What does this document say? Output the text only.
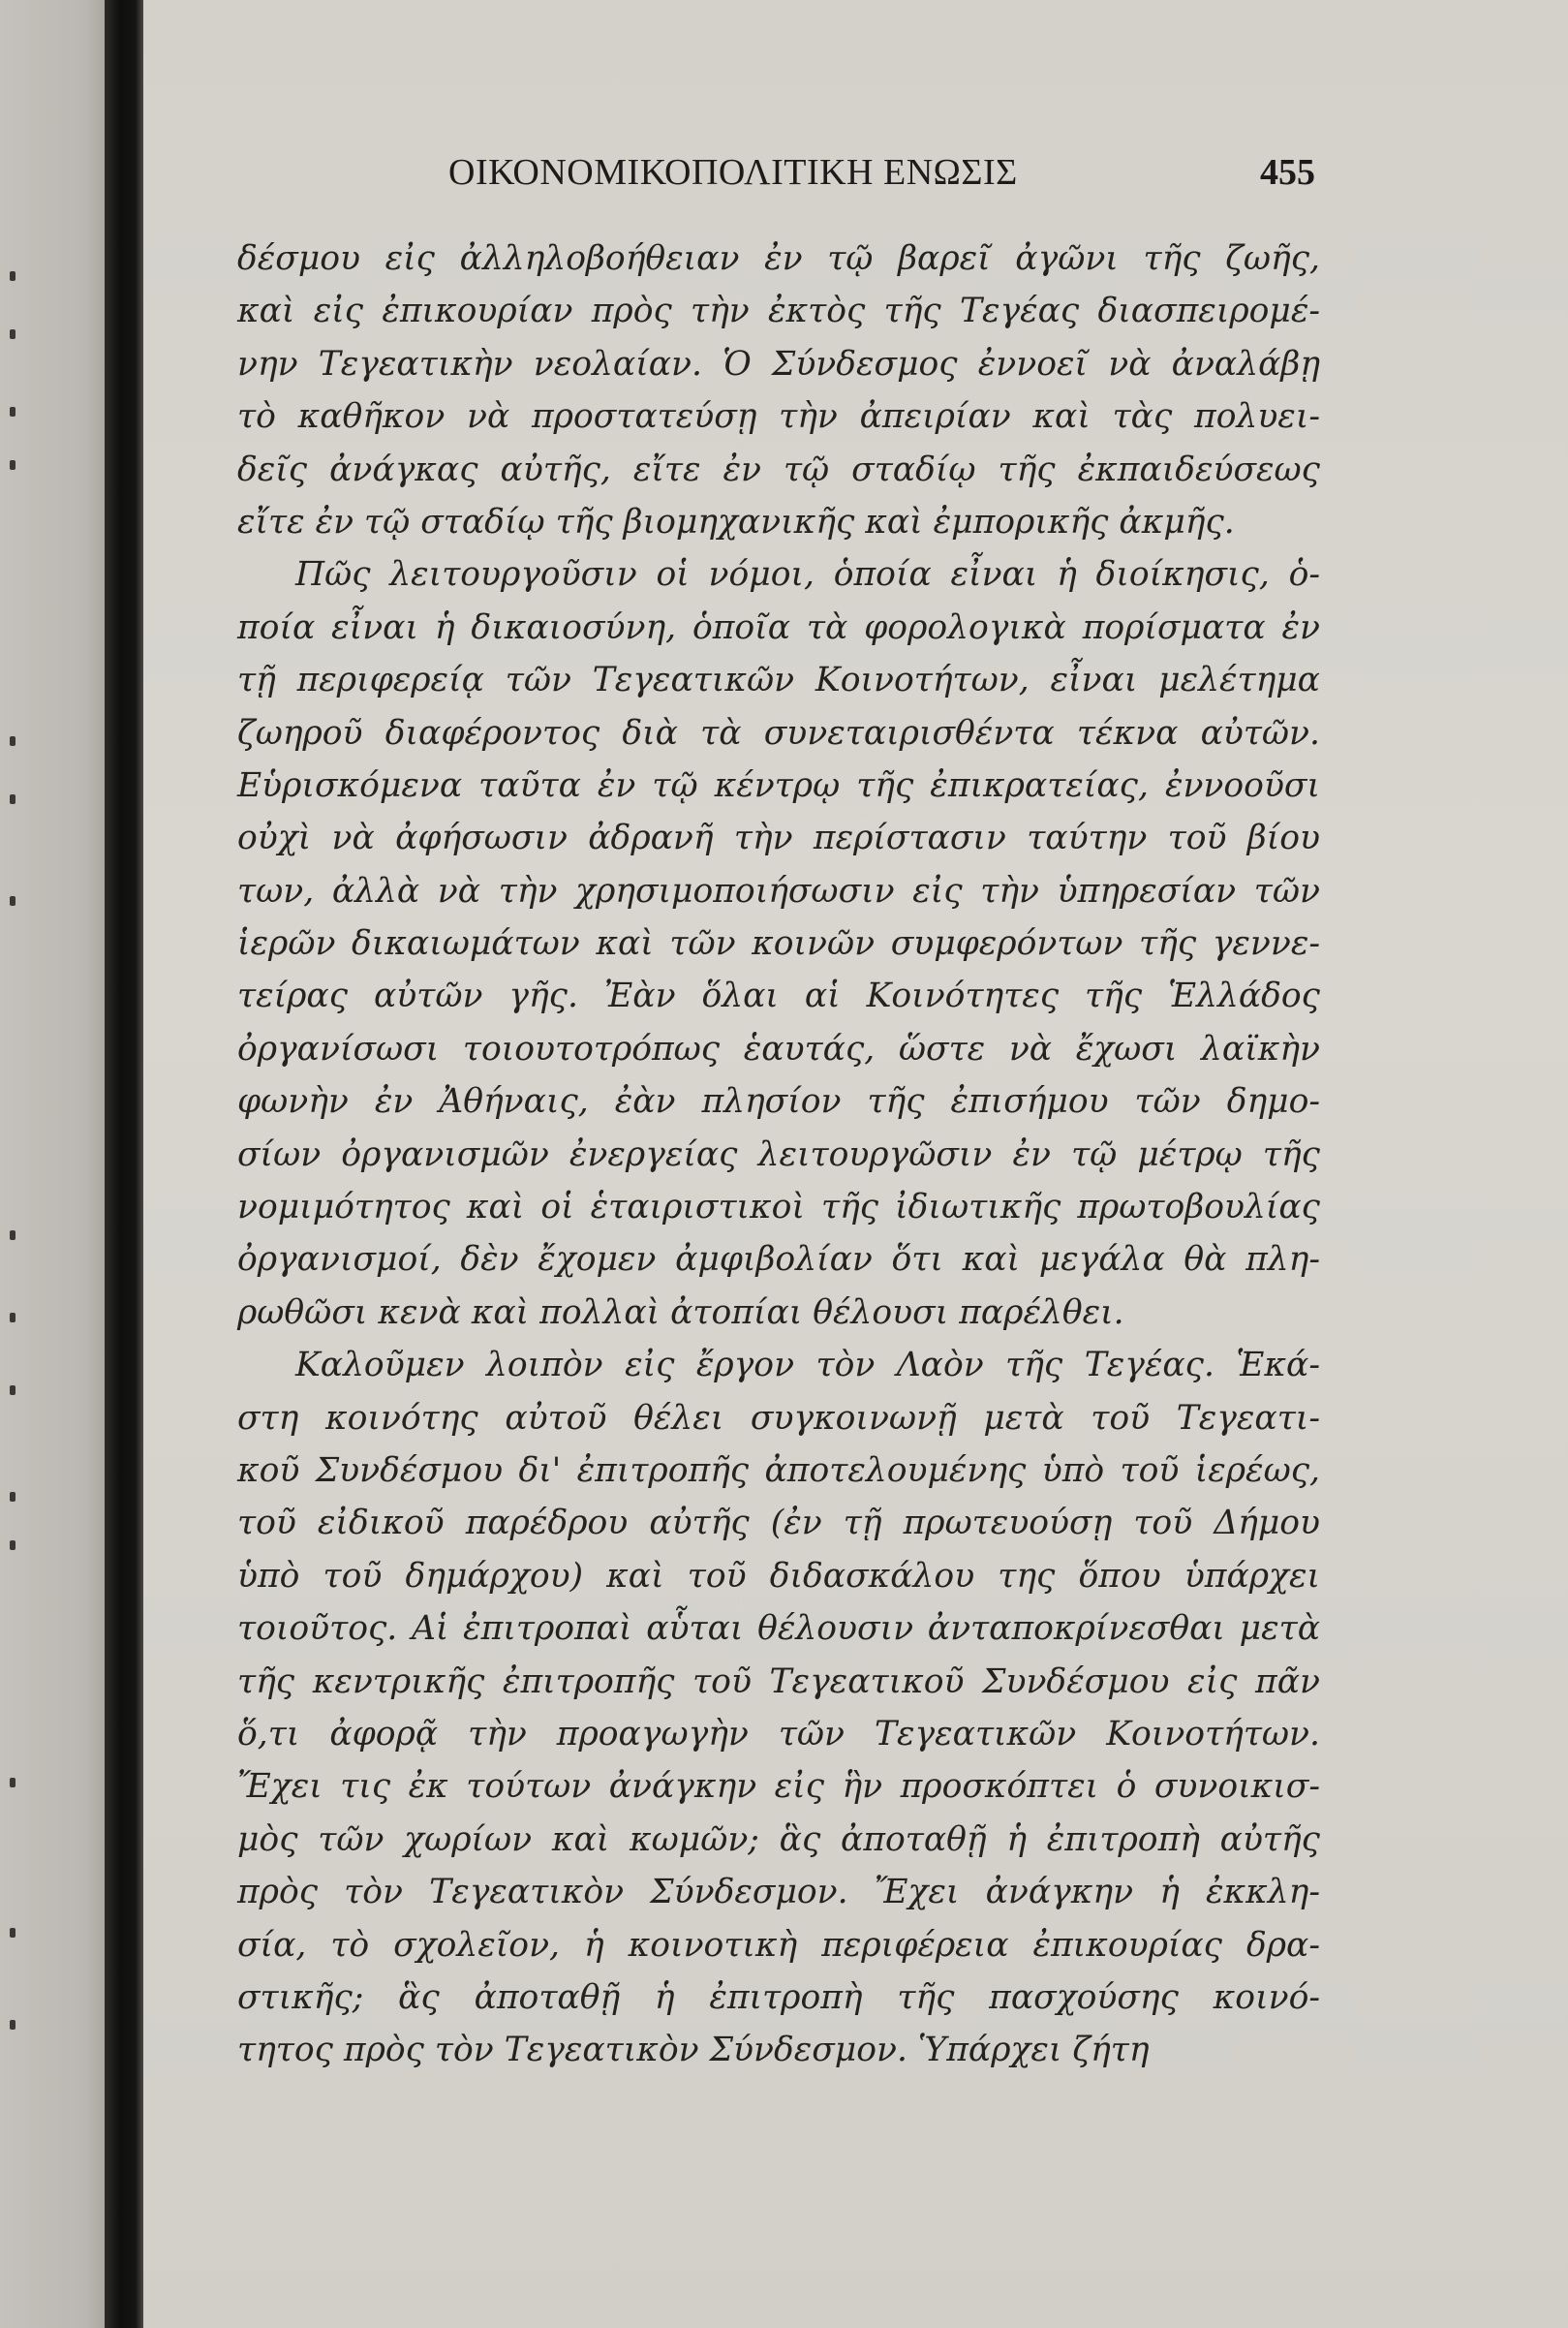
ΟΙΚΟΝΟΜΙΚΟΠΟΛΙΤΙΚΗ ΕΝΩΣΙΣ	455
δέσμου εἰς ἀλληλοβοήθειαν ἐν τῷ βαρεῖ ἀγῶνι τῆς ζωῆς,
καὶ εἰς ἐπικουρίαν πρὸς τὴν ἐκτὸς τῆς Τεγέας διασπειρομέ-
νην Τεγεατικὴν νεολαίαν. Ὁ Σύνδεσμος ἐννοεῖ νὰ ἀναλάβῃ
τὸ καθῆκον νὰ προστατεύσῃ τὴν ἀπειρίαν καὶ τὰς πολυει-
δεῖς ἀνάγκας αὐτῆς, εἴτε ἐν τῷ σταδίῳ τῆς ἐκπαιδεύσεως
εἴτε ἐν τῷ σταδίῳ τῆς βιομηχανικῆς καὶ ἐμπορικῆς ἀκμῆς.
Πῶς λειτουργοῦσιν οἱ νόμοι, ὁποία εἶναι ἡ διοίκησις, ὁ-
ποία εἶναι ἡ δικαιοσύνη, ὁποῖα τὰ φορολογικὰ πορίσματα ἐν
τῇ περιφερείᾳ τῶν Τεγεατικῶν Κοινοτήτων, εἶναι μελέτημα
ζωηροῦ διαφέροντος διὰ τὰ συνεταιρισθέντα τέκνα αὐτῶν.
Εὑρισκόμενα ταῦτα ἐν τῷ κέντρῳ τῆς ἐπικρατείας, ἐννοοῦσι
οὐχὶ νὰ ἀφήσωσιν ἀδρανῆ τὴν περίστασιν ταύτην τοῦ βίου
των, ἀλλὰ νὰ τὴν χρησιμοποιήσωσιν εἰς τὴν ὑπηρεσίαν τῶν
ἱερῶν δικαιωμάτων καὶ τῶν κοινῶν συμφερόντων τῆς γεννε-
τείρας αὐτῶν γῆς. Ἐὰν ὅλαι αἱ Κοινότητες τῆς Ἑλλάδος
ὀργανίσωσι τοιουτοτρόπως ἑαυτάς, ὥστε νὰ ἔχωσι λαϊκὴν
φωνὴν ἐν Ἀθήναις, ἐὰν πλησίον τῆς ἐπισήμου τῶν δημο-
σίων ὀργανισμῶν ἐνεργείας λειτουργῶσιν ἐν τῷ μέτρῳ τῆς
νομιμότητος καὶ οἱ ἑταιριστικοὶ τῆς ἰδιωτικῆς πρωτοβουλίας
ὀργανισμοί, δὲν ἔχομεν ἀμφιβολίαν ὅτι καὶ μεγάλα θὰ πλη-
ρωθῶσι κενὰ καὶ πολλαὶ ἀτοπίαι θέλουσι παρέλθει.
Καλοῦμεν λοιπὸν εἰς ἔργον τὸν Λαὸν τῆς Τεγέας. Ἑκά-
στη κοινότης αὐτοῦ θέλει συγκοινωνῇ μετὰ τοῦ Τεγεατι-
κοῦ Συνδέσμου δι' ἐπιτροπῆς ἀποτελουμένης ὑπὸ τοῦ ἱερέως,
τοῦ εἰδικοῦ παρέδρου αὐτῆς (ἐν τῇ πρωτευούσῃ τοῦ Δήμου
ὑπὸ τοῦ δημάρχου) καὶ τοῦ διδασκάλου της ὅπου ὑπάρχει
τοιοῦτος. Αἱ ἐπιτροπαὶ αὗται θέλουσιν ἀνταποκρίνεσθαι μετὰ
τῆς κεντρικῆς ἐπιτροπῆς τοῦ Τεγεατικοῦ Συνδέσμου εἰς πᾶν
ὅ,τι ἀφορᾷ τὴν προαγωγὴν τῶν Τεγεατικῶν Κοινοτήτων.
Ἔχει τις ἐκ τούτων ἀνάγκην εἰς ἣν προσκόπτει ὁ συνοικισ-
μὸς τῶν χωρίων καὶ κωμῶν; ἃς ἀποταθῇ ἡ ἐπιτροπὴ αὐτῆς
πρὸς τὸν Τεγεατικὸν Σύνδεσμον. Ἔχει ἀνάγκην ἡ ἐκκλη-
σία, τὸ σχολεῖον, ἡ κοινοτικὴ περιφέρεια ἐπικουρίας δρα-
στικῆς; ἃς ἀποταθῇ ἡ ἐπιτροπὴ τῆς πασχούσης κοινό-
τητος πρὸς τὸν Τεγεατικὸν Σύνδεσμον. Ὑπάρχει ζήτη
